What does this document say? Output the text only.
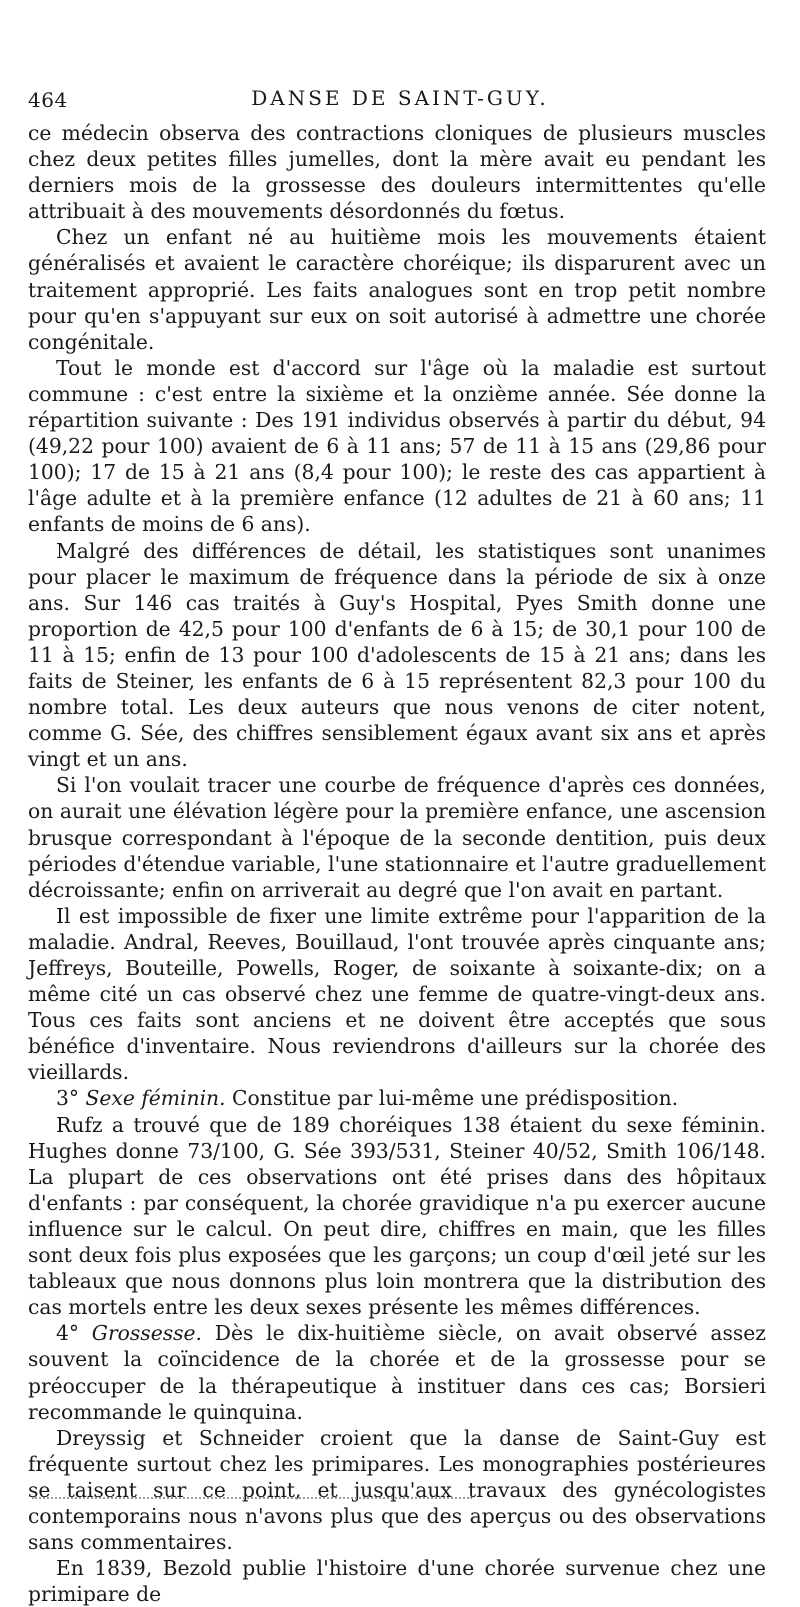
464	DANSE DE SAINT-GUY.

ce médecin observa des contractions cloniques de plusieurs muscles chez deux petites filles jumelles, dont la mère avait eu pendant les derniers mois de la grossesse des douleurs intermittentes qu'elle attribuait à des mouvements désordonnés du fœtus.

Chez un enfant né au huitième mois les mouvements étaient généralisés et avaient le caractère choréique; ils disparurent avec un traitement approprié. Les faits analogues sont en trop petit nombre pour qu'en s'appuyant sur eux on soit autorisé à admettre une chorée congénitale.

Tout le monde est d'accord sur l'âge où la maladie est surtout commune : c'est entre la sixième et la onzième année. Sée donne la répartition suivante : Des 191 individus observés à partir du début, 94 (49,22 pour 100) avaient de 6 à 11 ans; 57 de 11 à 15 ans (29,86 pour 100); 17 de 15 à 21 ans (8,4 pour 100); le reste des cas appartient à l'âge adulte et à la première enfance (12 adultes de 21 à 60 ans; 11 enfants de moins de 6 ans).

Malgré des différences de détail, les statistiques sont unanimes pour placer le maximum de fréquence dans la période de six à onze ans. Sur 146 cas traités à Guy's Hospital, Pyes Smith donne une proportion de 42,5 pour 100 d'enfants de 6 à 15; de 30,1 pour 100 de 11 à 15; enfin de 13 pour 100 d'adolescents de 15 à 21 ans; dans les faits de Steiner, les enfants de 6 à 15 représentent 82,3 pour 100 du nombre total. Les deux auteurs que nous venons de citer notent, comme G. Sée, des chiffres sensiblement égaux avant six ans et après vingt et un ans.

Si l'on voulait tracer une courbe de fréquence d'après ces données, on aurait une élévation légère pour la première enfance, une ascension brusque correspondant à l'époque de la seconde dentition, puis deux périodes d'étendue variable, l'une stationnaire et l'autre graduellement décroissante; enfin on arriverait au degré que l'on avait en partant.

Il est impossible de fixer une limite extrême pour l'apparition de la maladie. Andral, Reeves, Bouillaud, l'ont trouvée après cinquante ans; Jeffreys, Bouteille, Powells, Roger, de soixante à soixante-dix; on a même cité un cas observé chez une femme de quatre-vingt-deux ans. Tous ces faits sont anciens et ne doivent être acceptés que sous bénéfice d'inventaire. Nous reviendrons d'ailleurs sur la chorée des vieillards.

3° Sexe féminin. Constitue par lui-même une prédisposition.

Rufz a trouvé que de 189 choréiques 138 étaient du sexe féminin. Hughes donne 73/100, G. Sée 393/531, Steiner 40/52, Smith 106/148. La plupart de ces observations ont été prises dans des hôpitaux d'enfants : par conséquent, la chorée gravidique n'a pu exercer aucune influence sur le calcul. On peut dire, chiffres en main, que les filles sont deux fois plus exposées que les garçons; un coup d'œil jeté sur les tableaux que nous donnons plus loin montrera que la distribution des cas mortels entre les deux sexes présente les mêmes différences.

4° Grossesse. Dès le dix-huitième siècle, on avait observé assez souvent la coïncidence de la chorée et de la grossesse pour se préoccuper de la thérapeutique à instituer dans ces cas; Borsieri recommande le quinquina.

Dreyssig et Schneider croient que la danse de Saint-Guy est fréquente surtout chez les primipares. Les monographies postérieures se taisent sur ce point, et jusqu'aux travaux des gynécologistes contemporains nous n'avons plus que des aperçus ou des observations sans commentaires.

En 1839, Bezold publie l'histoire d'une chorée survenue chez une primipare de
